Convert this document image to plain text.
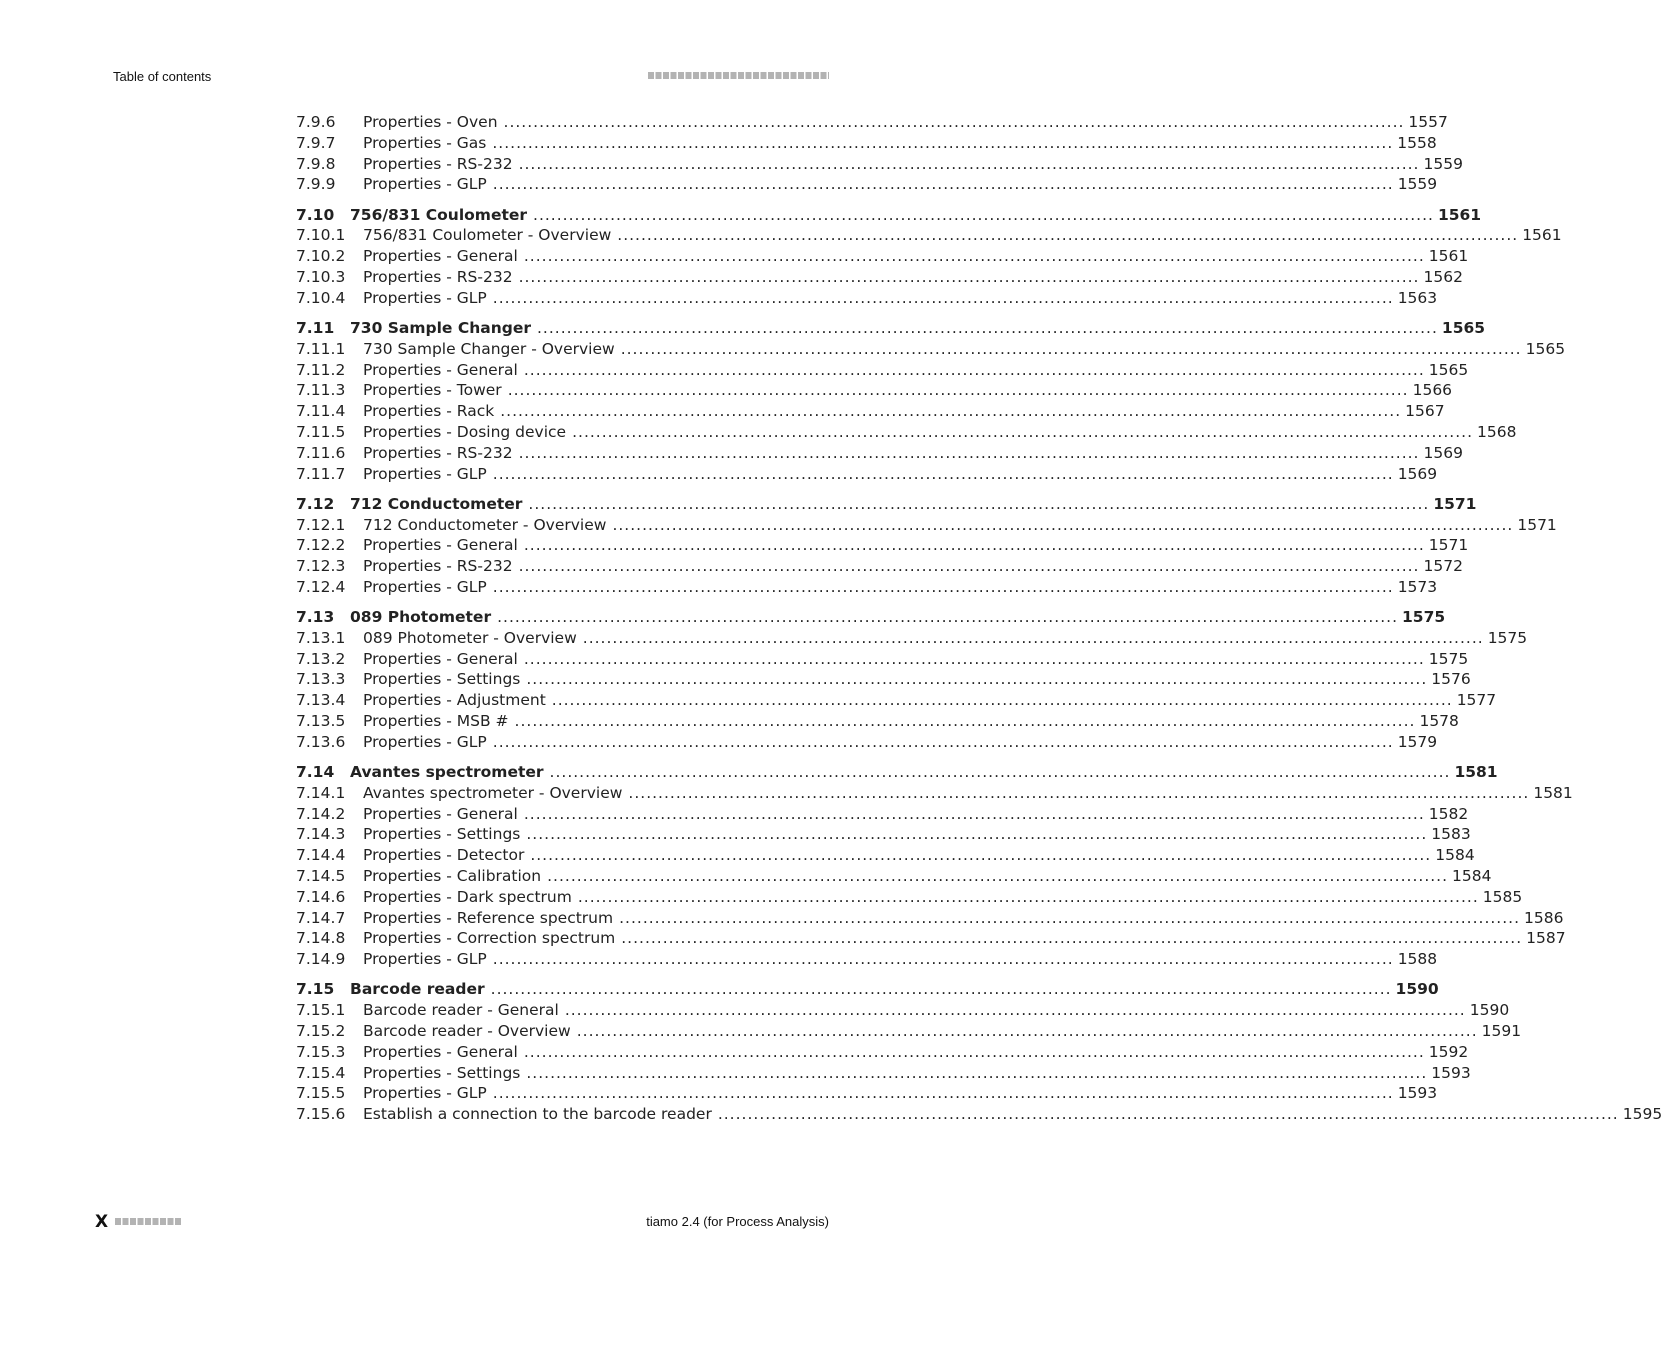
Table of contents
7.9.6 Properties - Oven ........................................................................................................................................................ 1557
7.9.7 Properties - Gas ........................................................................................................................................................ 1558
7.9.8 Properties - RS-232 ........................................................................................................................................................ 1559
7.9.9 Properties - GLP ........................................................................................................................................................ 1559
7.10 756/831 Coulometer ........................................................................................................................................................ 1561
7.10.1 756/831 Coulometer - Overview ........................................................................................................................................................ 1561
7.10.2 Properties - General ........................................................................................................................................................ 1561
7.10.3 Properties - RS-232 ........................................................................................................................................................ 1562
7.10.4 Properties - GLP ........................................................................................................................................................ 1563
7.11 730 Sample Changer ........................................................................................................................................................ 1565
7.11.1 730 Sample Changer - Overview ........................................................................................................................................................ 1565
7.11.2 Properties - General ........................................................................................................................................................ 1565
7.11.3 Properties - Tower ........................................................................................................................................................ 1566
7.11.4 Properties - Rack ........................................................................................................................................................ 1567
7.11.5 Properties - Dosing device ........................................................................................................................................................ 1568
7.11.6 Properties - RS-232 ........................................................................................................................................................ 1569
7.11.7 Properties - GLP ........................................................................................................................................................ 1569
7.12 712 Conductometer ........................................................................................................................................................ 1571
7.12.1 712 Conductometer - Overview ........................................................................................................................................................ 1571
7.12.2 Properties - General ........................................................................................................................................................ 1571
7.12.3 Properties - RS-232 ........................................................................................................................................................ 1572
7.12.4 Properties - GLP ........................................................................................................................................................ 1573
7.13 089 Photometer ........................................................................................................................................................ 1575
7.13.1 089 Photometer - Overview ........................................................................................................................................................ 1575
7.13.2 Properties - General ........................................................................................................................................................ 1575
7.13.3 Properties - Settings ........................................................................................................................................................ 1576
7.13.4 Properties - Adjustment ........................................................................................................................................................ 1577
7.13.5 Properties - MSB # ........................................................................................................................................................ 1578
7.13.6 Properties - GLP ........................................................................................................................................................ 1579
7.14 Avantes spectrometer ........................................................................................................................................................ 1581
7.14.1 Avantes spectrometer - Overview ........................................................................................................................................................ 1581
7.14.2 Properties - General ........................................................................................................................................................ 1582
7.14.3 Properties - Settings ........................................................................................................................................................ 1583
7.14.4 Properties - Detector ........................................................................................................................................................ 1584
7.14.5 Properties - Calibration ........................................................................................................................................................ 1584
7.14.6 Properties - Dark spectrum ........................................................................................................................................................ 1585
7.14.7 Properties - Reference spectrum ........................................................................................................................................................ 1586
7.14.8 Properties - Correction spectrum ........................................................................................................................................................ 1587
7.14.9 Properties - GLP ........................................................................................................................................................ 1588
7.15 Barcode reader ........................................................................................................................................................ 1590
7.15.1 Barcode reader - General ........................................................................................................................................................ 1590
7.15.2 Barcode reader - Overview ........................................................................................................................................................ 1591
7.15.3 Properties - General ........................................................................................................................................................ 1592
7.15.4 Properties - Settings ........................................................................................................................................................ 1593
7.15.5 Properties - GLP ........................................................................................................................................................ 1593
7.15.6 Establish a connection to the barcode reader ........................................................................................................................................................ 1595
X	tiamo 2.4 (for Process Analysis)
